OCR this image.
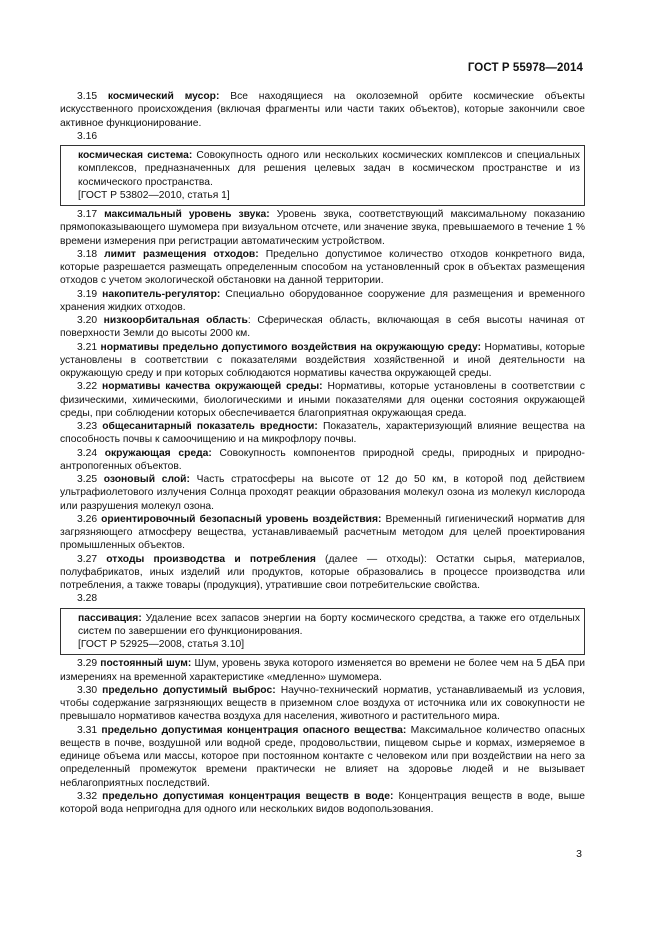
ГОСТ Р 55978—2014

3.15 космический мусор: Все находящиеся на околоземной орбите космические объекты искусственного происхождения (включая фрагменты или части таких объектов), которые закончили свое активное функционирование.

3.16

космическая система: Совокупность одного или нескольких космических комплексов и специальных комплексов, предназначенных для решения целевых задач в космическом пространстве и из космического пространства.

[ГОСТ Р 53802—2010, статья 1]

3.17 максимальный уровень звука: Уровень звука, соответствующий максимальному показанию прямопоказывающего шумомера при визуальном отсчете, или значение звука, превышаемого в течение 1 % времени измерения при регистрации автоматическим устройством.

3.18 лимит размещения отходов: Предельно допустимое количество отходов конкретного вида, которые разрешается размещать определенным способом на установленный срок в объектах размещения отходов с учетом экологической обстановки на данной территории.

3.19 накопитель-регулятор: Специально оборудованное сооружение для размещения и временного хранения жидких отходов.

3.20 низкоорбитальная область: Сферическая область, включающая в себя высоты начиная от поверхности Земли до высоты 2000 км.

3.21 нормативы предельно допустимого воздействия на окружающую среду: Нормативы, которые установлены в соответствии с показателями воздействия хозяйственной и иной деятельности на окружающую среду и при которых соблюдаются нормативы качества окружающей среды.

3.22 нормативы качества окружающей среды: Нормативы, которые установлены в соответствии с физическими, химическими, биологическими и иными показателями для оценки состояния окружающей среды, при соблюдении которых обеспечивается благоприятная окружающая среда.

3.23 общесанитарный показатель вредности: Показатель, характеризующий влияние вещества на способность почвы к самоочищению и на микрофлору почвы.

3.24 окружающая среда: Совокупность компонентов природной среды, природных и природно-антропогенных объектов.

3.25 озоновый слой: Часть стратосферы на высоте от 12 до 50 км, в которой под действием ультрафиолетового излучения Солнца проходят реакции образования молекул озона из молекул кислорода или разрушения молекул озона.

3.26 ориентировочный безопасный уровень воздействия: Временный гигиенический норматив для загрязняющего атмосферу вещества, устанавливаемый расчетным методом для целей проектирования промышленных объектов.

3.27 отходы производства и потребления (далее — отходы): Остатки сырья, материалов, полуфабрикатов, иных изделий или продуктов, которые образовались в процессе производства или потребления, а также товары (продукция), утратившие свои потребительские свойства.

3.28

пассивация: Удаление всех запасов энергии на борту космического средства, а также его отдельных систем по завершении его функционирования.

[ГОСТ Р 52925—2008, статья 3.10]

3.29 постоянный шум: Шум, уровень звука которого изменяется во времени не более чем на 5 дБА при измерениях на временной характеристике «медленно» шумомера.

3.30 предельно допустимый выброс: Научно-технический норматив, устанавливаемый из условия, чтобы содержание загрязняющих веществ в приземном слое воздуха от источника или их совокупности не превышало нормативов качества воздуха для населения, животного и растительного мира.

3.31 предельно допустимая концентрация опасного вещества: Максимальное количество опасных веществ в почве, воздушной или водной среде, продовольствии, пищевом сырье и кормах, измеряемое в единице объема или массы, которое при постоянном контакте с человеком или при воздействии на него за определенный промежуток времени практически не влияет на здоровье людей и не вызывает неблагоприятных последствий.

3.32 предельно допустимая концентрация веществ в воде: Концентрация веществ в воде, выше которой вода непригодна для одного или нескольких видов водопользования.

3
